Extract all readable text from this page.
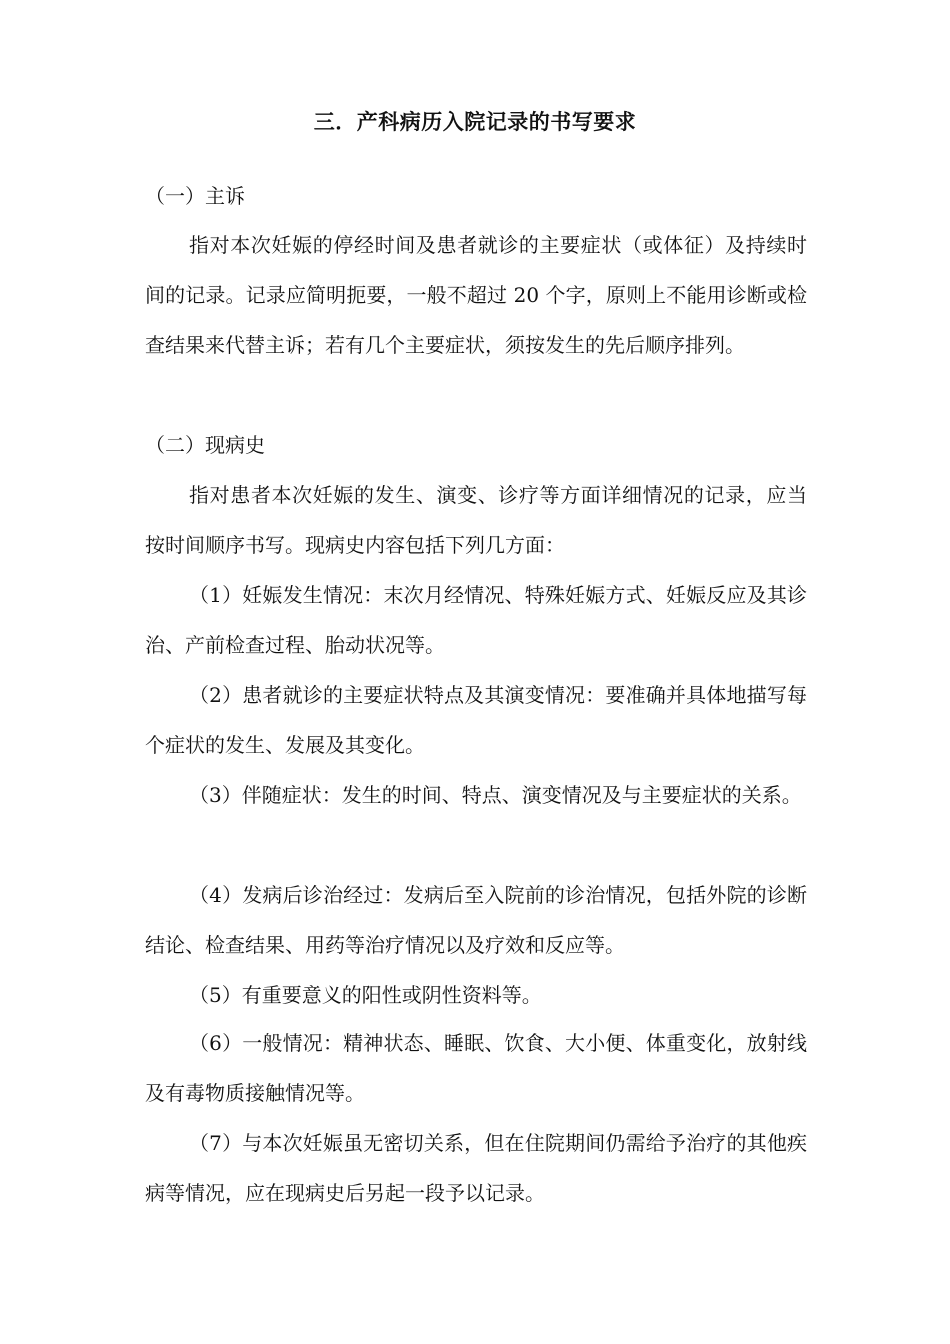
三．产科病历入院记录的书写要求
（一）主诉

指对本次妊娠的停经时间及患者就诊的主要症状（或体征）及持续时间的记录。记录应简明扼要，一般不超过 20 个字，原则上不能用诊断或检查结果来代替主诉；若有几个主要症状，须按发生的先后顺序排列。

（二）现病史

指对患者本次妊娠的发生、演变、诊疗等方面详细情况的记录，应当按时间顺序书写。现病史内容包括下列几方面：

（1）妊娠发生情况：末次月经情况、特殊妊娠方式、妊娠反应及其诊治、产前检查过程、胎动状况等。

（2）患者就诊的主要症状特点及其演变情况：要准确并具体地描写每个症状的发生、发展及其变化。

（3）伴随症状：发生的时间、特点、演变情况及与主要症状的关系。

（4）发病后诊治经过：发病后至入院前的诊治情况，包括外院的诊断结论、检查结果、用药等治疗情况以及疗效和反应等。

（5）有重要意义的阳性或阴性资料等。

（6）一般情况：精神状态、睡眠、饮食、大小便、体重变化，放射线及有毒物质接触情况等。

（7）与本次妊娠虽无密切关系，但在住院期间仍需给予治疗的其他疾病等情况，应在现病史后另起一段予以记录。
